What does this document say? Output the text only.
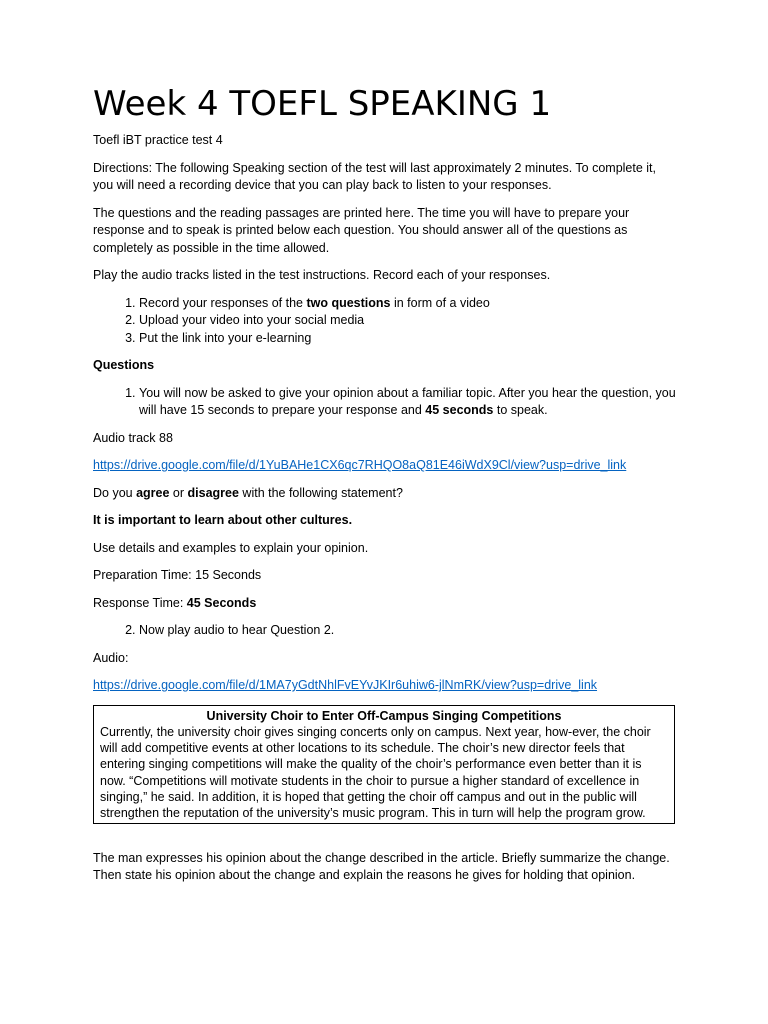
Week 4 TOEFL SPEAKING 1

Toefl iBT practice test 4

Directions: The following Speaking section of the test will last approximately 2 minutes. To complete it, you will need a recording device that you can play back to listen to your responses.

The questions and the reading passages are printed here. The time you will have to prepare your response and to speak is printed below each question. You should answer all of the questions as completely as possible in the time allowed.

Play the audio tracks listed in the test instructions. Record each of your responses.

1. Record your responses of the two questions in form of a video
2. Upload your video into your social media
3. Put the link into your e-learning

Questions

1. You will now be asked to give your opinion about a familiar topic. After you hear the question, you will have 15 seconds to prepare your response and 45 seconds to speak.

Audio track 88

https://drive.google.com/file/d/1YuBAHe1CX6qc7RHQO8aQ81E46iWdX9Cl/view?usp=drive_link

Do you agree or disagree with the following statement?

It is important to learn about other cultures.

Use details and examples to explain your opinion.

Preparation Time: 15 Seconds

Response Time: 45 Seconds

2. Now play audio to hear Question 2.

Audio:

https://drive.google.com/file/d/1MA7yGdtNhlFvEYvJKIr6uhiw6-jlNmRK/view?usp=drive_link

University Choir to Enter Off-Campus Singing Competitions
Currently, the university choir gives singing concerts only on campus. Next year, how-ever, the choir will add competitive events at other locations to its schedule. The choir’s new director feels that entering singing competitions will make the quality of the choir’s performance even better than it is now. “Competitions will motivate students in the choir to pursue a higher standard of excellence in singing,” he said. In addition, it is hoped that getting the choir off campus and out in the public will strengthen the reputation of the university’s music program. This in turn will help the program grow.

The man expresses his opinion about the change described in the article. Briefly summarize the change. Then state his opinion about the change and explain the reasons he gives for holding that opinion.
